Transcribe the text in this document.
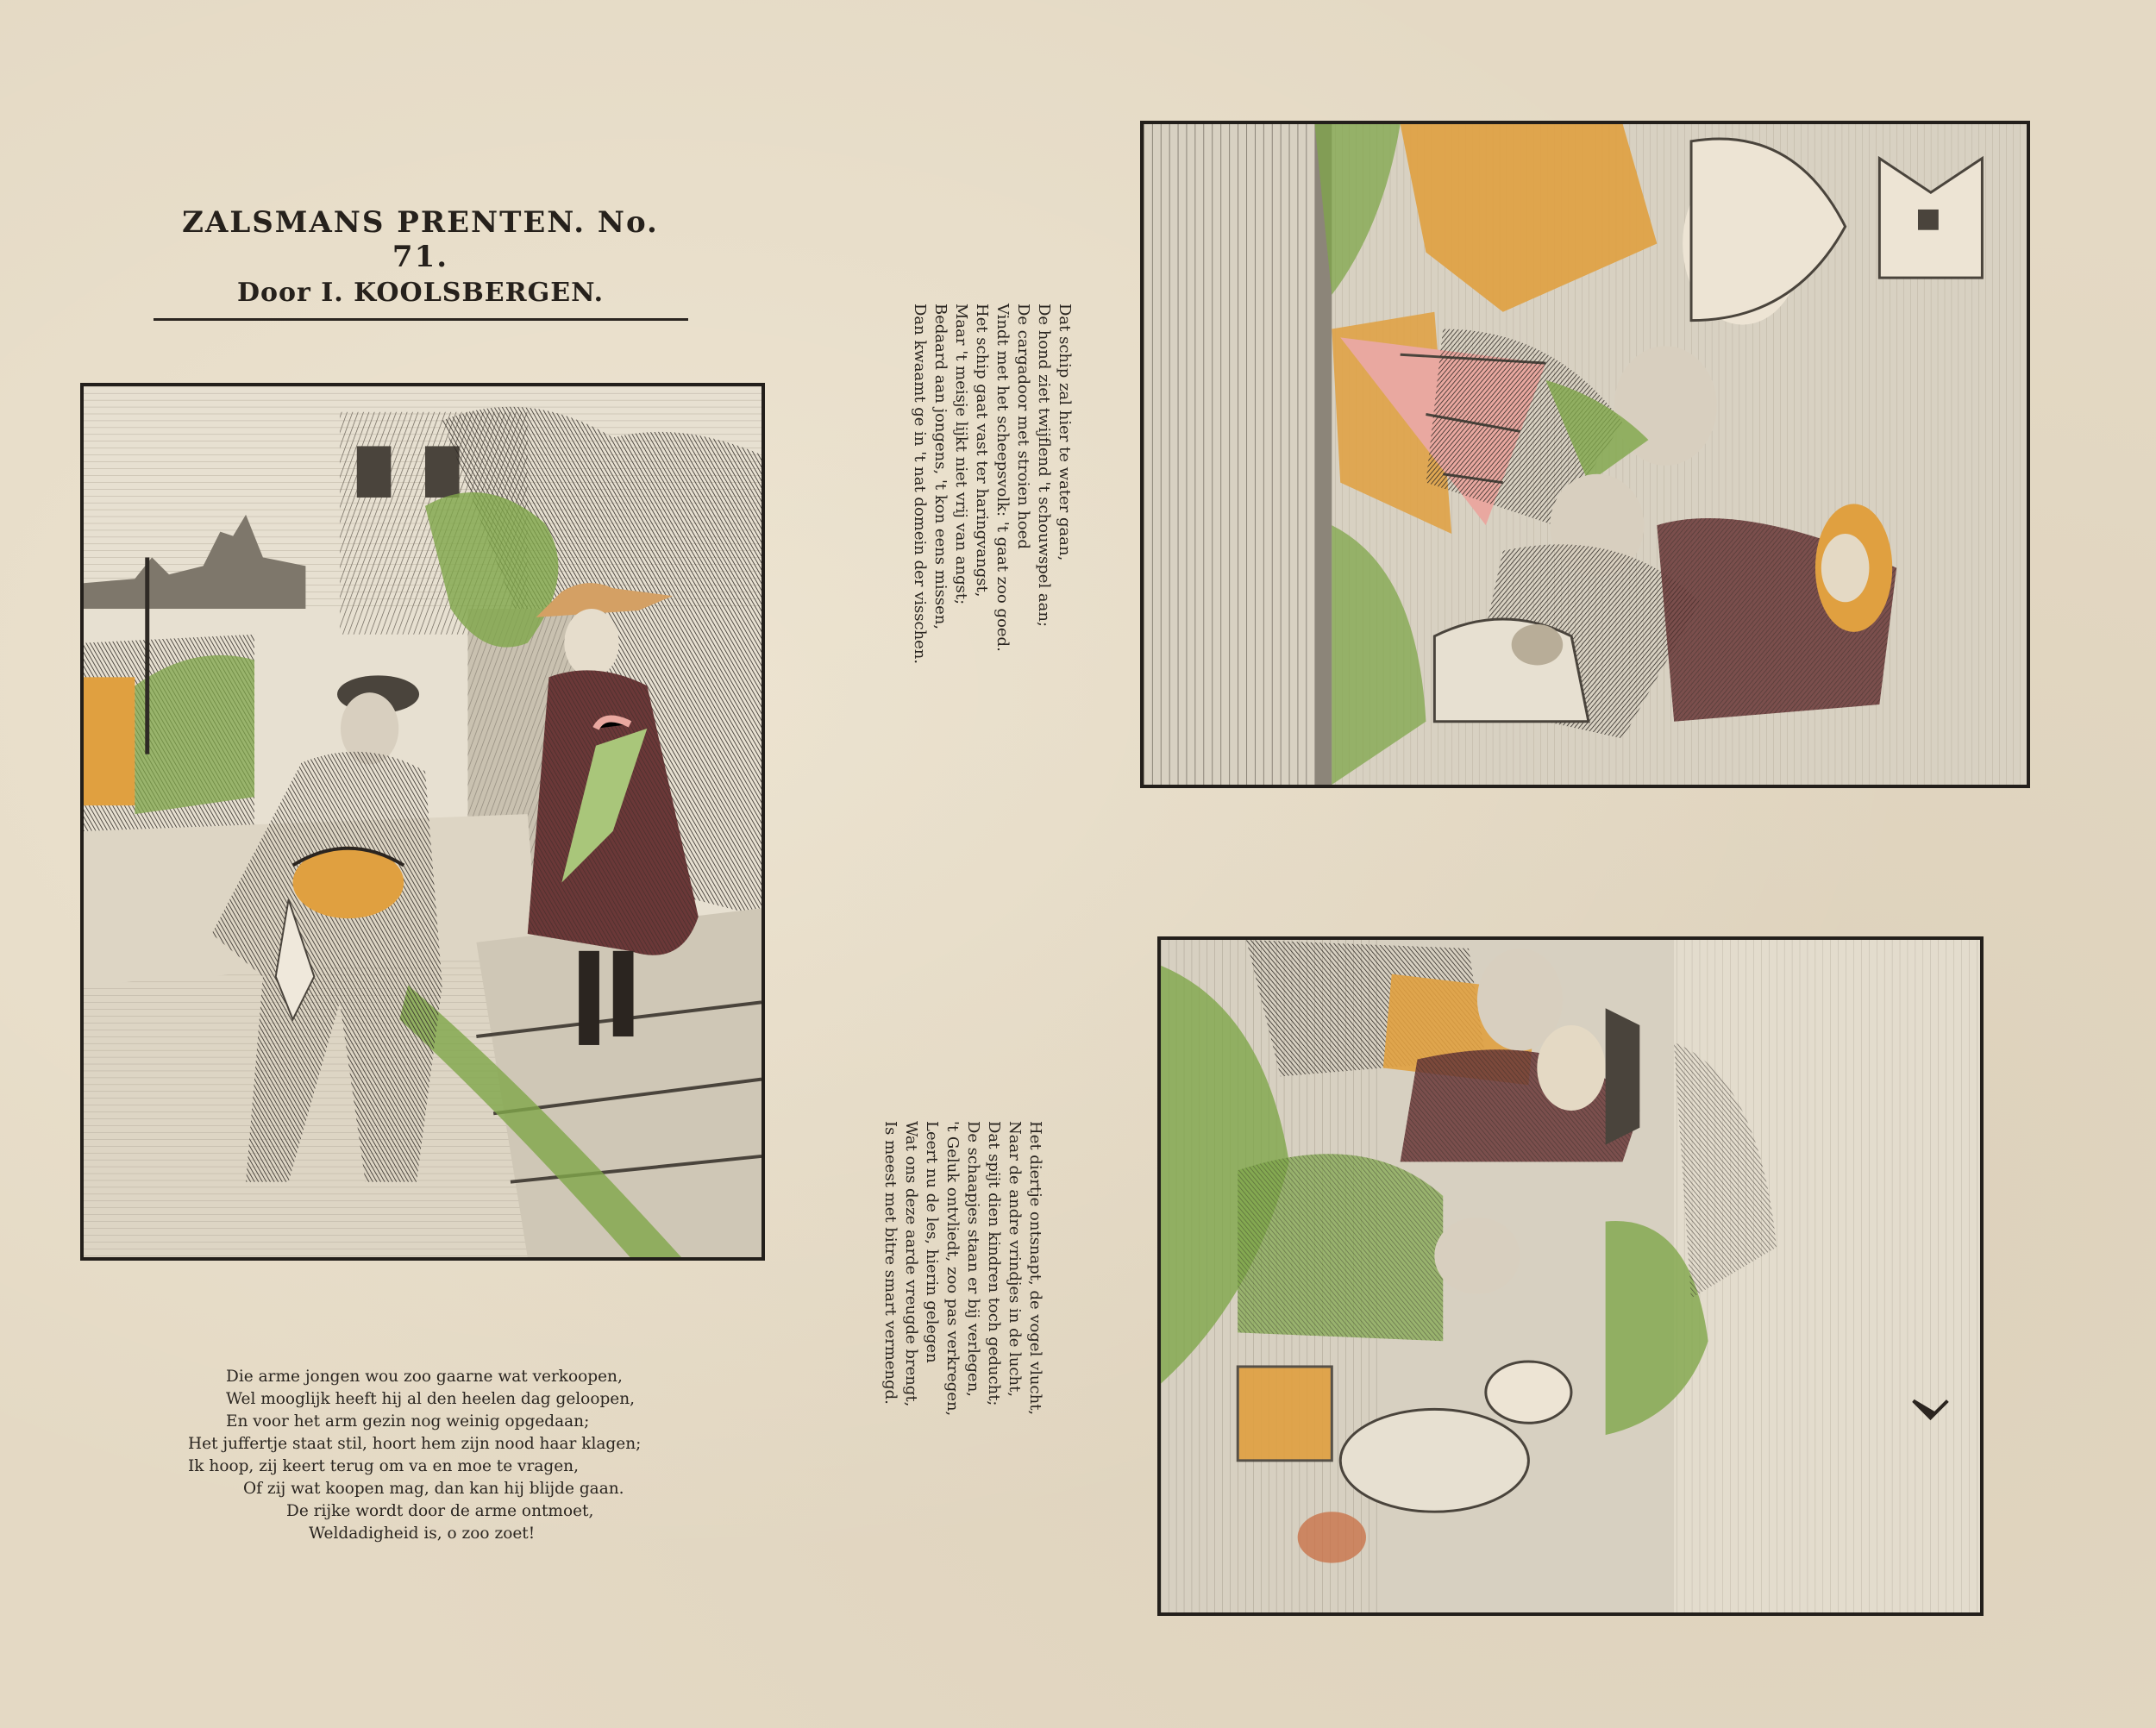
ZALSMANS PRENTEN. No. 71.
Door I. KOOLSBERGEN.
Die arme jongen wou zoo gaarne wat verkoopen,
Wel mooglijk heeft hij al den heelen dag geloopen,
En voor het arm gezin nog weinig opgedaan;
Het juffertje staat stil, hoort hem zijn nood haar klagen;
Ik hoop, zij keert terug om va en moe te vragen,
Of zij wat koopen mag, dan kan hij blijde gaan.
De rijke wordt door de arme ontmoet,
Weldadigheid is, o zoo zoet!
Dat schip zal hier te water gaan,
De hond ziet twijflend 't schouwspel aan;
De cargadoor met stroien hoed
Vindt met het scheepsvolk: 't gaat zoo goed.
Het schip gaat vast ter haringvangst,
Maar 't meisje lijkt niet vrij van angst;
Bedaard aan jongens, 't kon eens missen,
Dan kwaamt ge in 't nat domein der visschen.
Het diertje ontsnapt, de vogel vlucht,
Naar de andre vrindjes in de lucht,
Dat spijt dien kindren toch geducht;
De schaapjes staan er bij verlegen,
't Geluk ontvliedt, zoo pas verkregen,
Leert nu de les, hierin gelegen
Wat ons deze aarde vreugde brengt,
Is meest met bitre smart vermengd.
